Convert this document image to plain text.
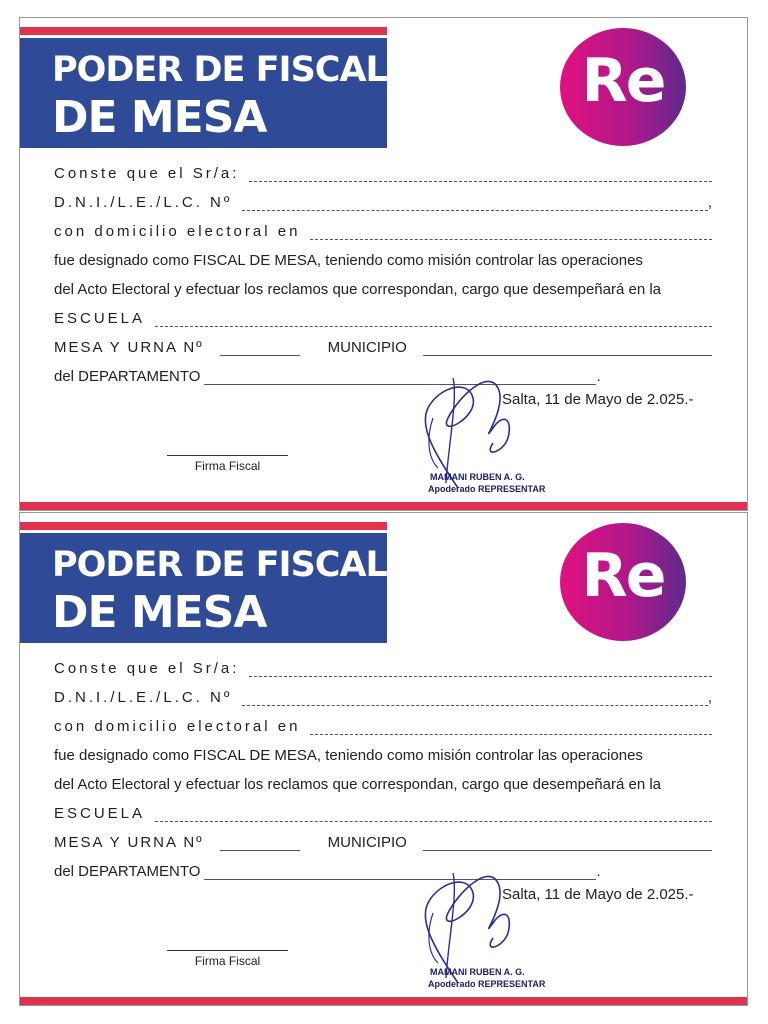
PODER DE FISCAL
DE MESA
Re
Conste que el Sr/a:
D.N.I./L.E./L.C. Nº	,
con domicilio electoral en
fue designado como FISCAL DE MESA, teniendo como misión controlar las operaciones
del Acto Electoral y efectuar los reclamos que correspondan, cargo que desempeñará en la
ESCUELA
MESA Y URNA Nº	MUNICIPIO
del DEPARTAMENTO	.
Salta, 11 de Mayo de 2.025.-
Firma Fiscal
MAMANI RUBEN A. G.
Apoderado REPRESENTAR
PODER DE FISCAL
DE MESA
Re
Conste que el Sr/a:
D.N.I./L.E./L.C. Nº	,
con domicilio electoral en
fue designado como FISCAL DE MESA, teniendo como misión controlar las operaciones
del Acto Electoral y efectuar los reclamos que correspondan, cargo que desempeñará en la
ESCUELA
MESA Y URNA Nº	MUNICIPIO
del DEPARTAMENTO	.
Salta, 11 de Mayo de 2.025.-
Firma Fiscal
MAMANI RUBEN A. G.
Apoderado REPRESENTAR
